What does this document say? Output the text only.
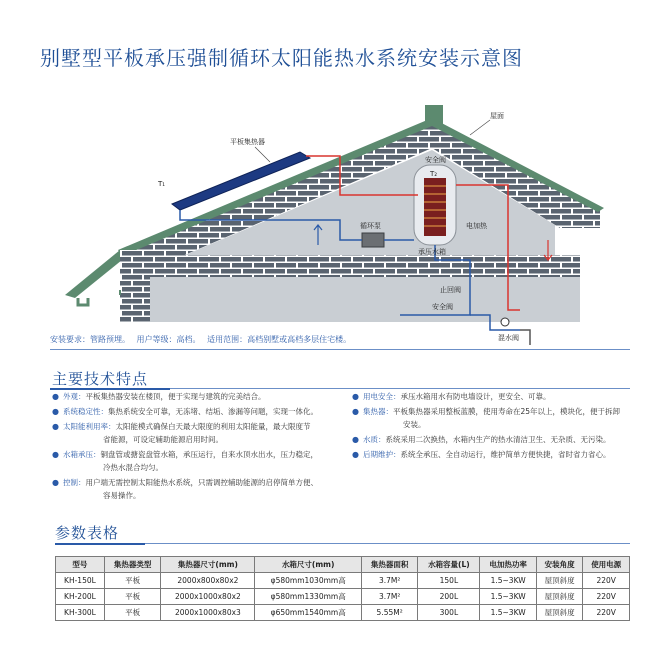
别墅型平板承压强制循环太阳能热水系统安装示意图
平板集热器
T₁
屋面
安全阀
T₂
电加热
循环泵
承压水箱
止回阀
安全阀
混水阀
安装要求：管路预埋。 用户等级：高档。 适用范围：高档别墅或高档多层住宅楼。
主要技术特点
● 外观：平板集热器安装在楼顶，便于实现与建筑的完美结合。
● 系统稳定性：集热系统安全可靠，无冻堵、结垢、渗漏等问题，实现一体化。
● 太阳能利用率：太阳能模式确保白天最大限度的利用太阳能量，最大限度节
省能源，可设定辅助能源启用时间。
● 水箱承压：铜盘管或搪瓷盘管水箱，承压运行，自来水顶水出水，压力稳定，
冷热水混合均匀。
● 控制：用户端无需控制太阳能热水系统，只需调控辅助能源的启停简单方便、
容易操作。
● 用电安全：承压水箱用水有防电墙设计，更安全、可靠。
● 集热器：平板集热器采用整板蓝膜，使用寿命在25年以上，模块化，便于拆卸
安装。
● 水质：系统采用二次换热，水箱内生产的热水清洁卫生、无杂质、无污染。
● 后期维护：系统全承压、全自动运行，维护简单方便快捷，省时省力省心。
参数表格
型号	集热器类型	集热器尺寸(mm)	水箱尺寸(mm)	集热器面积	水箱容量(L)	电加热功率	安装角度	使用电源
KH-150L	平板	2000x800x80x2	φ580mm1030mm高	3.7M²	150L	1.5~3KW	屋顶斜度	220V
KH-200L	平板	2000x1000x80x2	φ580mm1330mm高	3.7M²	200L	1.5~3KW	屋顶斜度	220V
KH-300L	平板	2000x1000x80x3	φ650mm1540mm高	5.55M²	300L	1.5~3KW	屋顶斜度	220V
